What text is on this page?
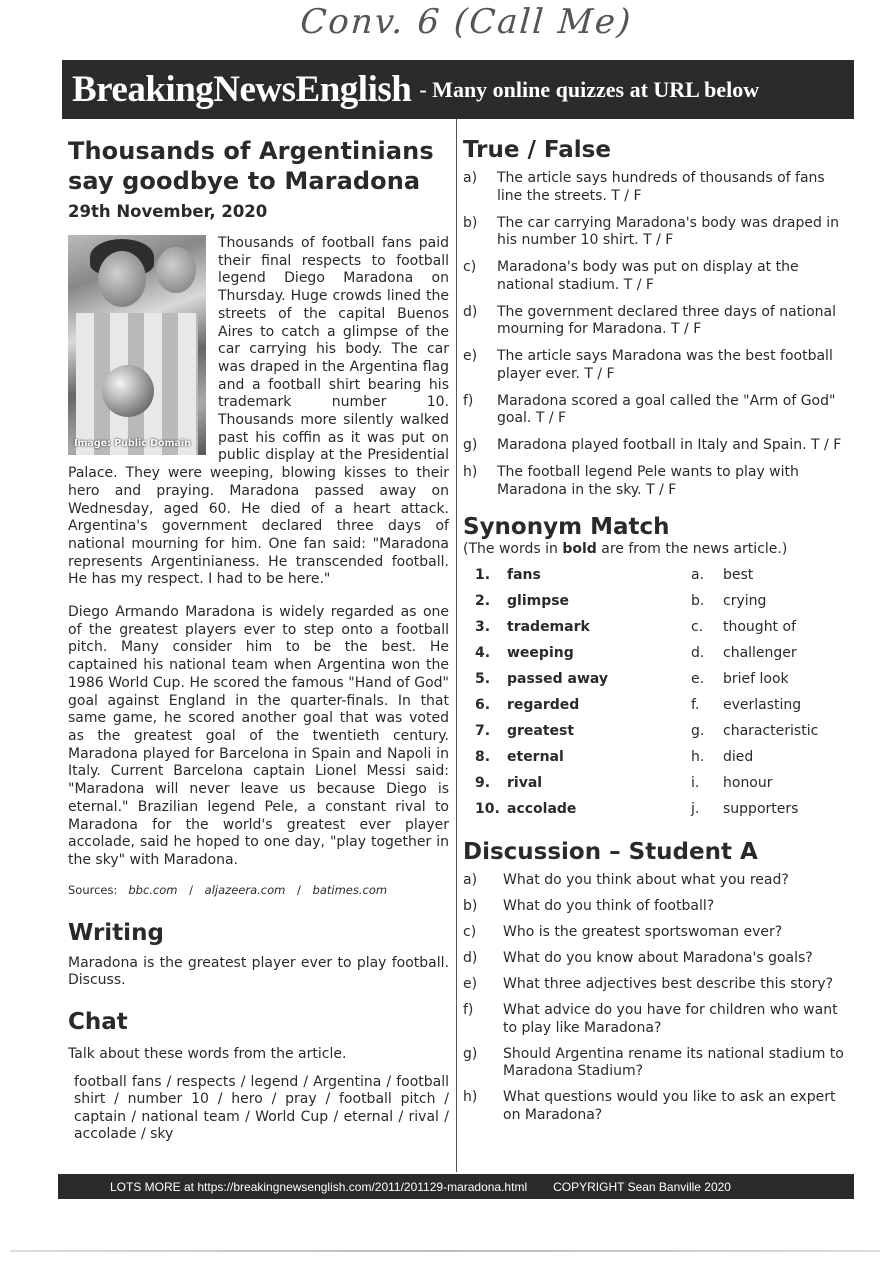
Conv. 6 (Call Me)
BreakingNewsEnglish - Many online quizzes at URL below
Thousands of Argentinians say goodbye to Maradona
29th November, 2020
Image: Public Domain

Thousands of football fans paid their final respects to football legend Diego Maradona on Thursday. Huge crowds lined the streets of the capital Buenos Aires to catch a glimpse of the car carrying his body. The car was draped in the Argentina flag and a football shirt bearing his trademark number 10. Thousands more silently walked past his coffin as it was put on public display at the Presidential Palace. They were weeping, blowing kisses to their hero and praying. Maradona passed away on Wednesday, aged 60. He died of a heart attack. Argentina's government declared three days of national mourning for him. One fan said: "Maradona represents Argentinianess. He transcended football. He has my respect. I had to be here."

Diego Armando Maradona is widely regarded as one of the greatest players ever to step onto a football pitch. Many consider him to be the best. He captained his national team when Argentina won the 1986 World Cup. He scored the famous "Hand of God" goal against England in the quarter-finals. In that same game, he scored another goal that was voted as the greatest goal of the twentieth century. Maradona played for Barcelona in Spain and Napoli in Italy. Current Barcelona captain Lionel Messi said: "Maradona will never leave us because Diego is eternal." Brazilian legend Pele, a constant rival to Maradona for the world's greatest ever player accolade, said he hoped to one day, "play together in the sky" with Maradona.

Sources: bbc.com / aljazeera.com / batimes.com
Writing
Maradona is the greatest player ever to play football. Discuss.
Chat
Talk about these words from the article.
football fans / respects / legend / Argentina / football shirt / number 10 / hero / pray / football pitch / captain / national team / World Cup / eternal / rival / accolade / sky
True / False
a)	The article says hundreds of thousands of fans line the streets. T / F
b)	The car carrying Maradona's body was draped in his number 10 shirt. T / F
c)	Maradona's body was put on display at the national stadium. T / F
d)	The government declared three days of national mourning for Maradona. T / F
e)	The article says Maradona was the best football player ever. T / F
f)	Maradona scored a goal called the "Arm of God" goal. T / F
g)	Maradona played football in Italy and Spain. T / F
h)	The football legend Pele wants to play with Maradona in the sky. T / F
Synonym Match
(The words in bold are from the news article.)
1.	fans	a.	best
2.	glimpse	b.	crying
3.	trademark	c.	thought of
4.	weeping	d.	challenger
5.	passed away	e.	brief look
6.	regarded	f.	everlasting
7.	greatest	g.	characteristic
8.	eternal	h.	died
9.	rival	i.	honour
10. accolade	j.	supporters
Discussion – Student A
a)	What do you think about what you read?
b)	What do you think of football?
c)	Who is the greatest sportswoman ever?
d)	What do you know about Maradona's goals?
e)	What three adjectives best describe this story?
f)	What advice do you have for children who want to play like Maradona?
g)	Should Argentina rename its national stadium to Maradona Stadium?
h)	What questions would you like to ask an expert on Maradona?
LOTS MORE at https://breakingnewsenglish.com/2011/201129-maradona.html COPYRIGHT Sean Banville 2020
